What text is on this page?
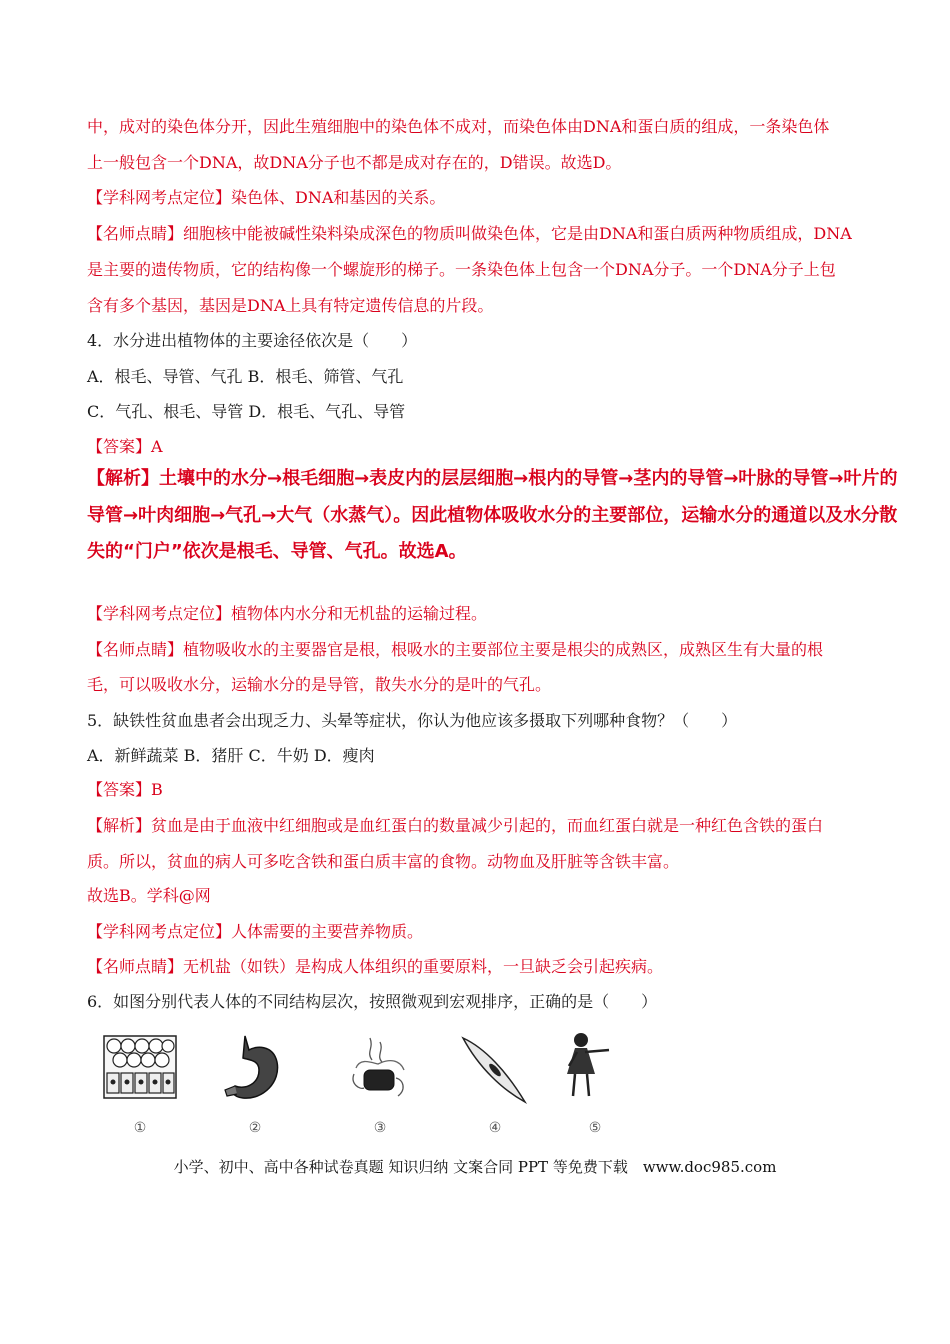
中，成对的染色体分开，因此生殖细胞中的染色体不成对，而染色体由DNA和蛋白质的组成，一条染色体
上一般包含一个DNA，故DNA分子也不都是成对存在的，D错误。故选D。
【学科网考点定位】染色体、DNA和基因的关系。
【名师点睛】细胞核中能被碱性染料染成深色的物质叫做染色体，它是由DNA和蛋白质两种物质组成，DNA
是主要的遗传物质，它的结构像一个螺旋形的梯子。一条染色体上包含一个DNA分子。一个DNA分子上包
含有多个基因，基因是DNA上具有特定遗传信息的片段。
4．水分进出植物体的主要途径依次是（　　）
A．根毛、导管、气孔 B．根毛、筛管、气孔
C．气孔、根毛、导管 D．根毛、气孔、导管
【答案】A
【解析】土壤中的水分→根毛细胞→表皮内的层层细胞→根内的导管→茎内的导管→叶脉的导管→叶片的
导管→叶肉细胞→气孔→大气（水蒸气）。因此植物体吸收水分的主要部位，运输水分的通道以及水分散
失的“门户”依次是根毛、导管、气孔。故选A。
【学科网考点定位】植物体内水分和无机盐的运输过程。
【名师点睛】植物吸收水的主要器官是根，根吸水的主要部位主要是根尖的成熟区，成熟区生有大量的根
毛，可以吸收水分，运输水分的是导管，散失水分的是叶的气孔。
5．缺铁性贫血患者会出现乏力、头晕等症状，你认为他应该多摄取下列哪种食物？（　　）
A．新鲜蔬菜 B．猪肝 C．牛奶 D．瘦肉
【答案】B
【解析】贫血是由于血液中红细胞或是血红蛋白的数量减少引起的，而血红蛋白就是一种红色含铁的蛋白
质。所以，贫血的病人可多吃含铁和蛋白质丰富的食物。动物血及肝脏等含铁丰富。
故选B。学科@网
【学科网考点定位】人体需要的主要营养物质。
【名师点睛】无机盐（如铁）是构成人体组织的重要原料，一旦缺乏会引起疾病。
6．如图分别代表人体的不同结构层次，按照微观到宏观排序，正确的是（　　）
①	②	③	④	⑤
小学、初中、高中各种试卷真题 知识归纳 文案合同 PPT 等免费下载　www.doc985.com
